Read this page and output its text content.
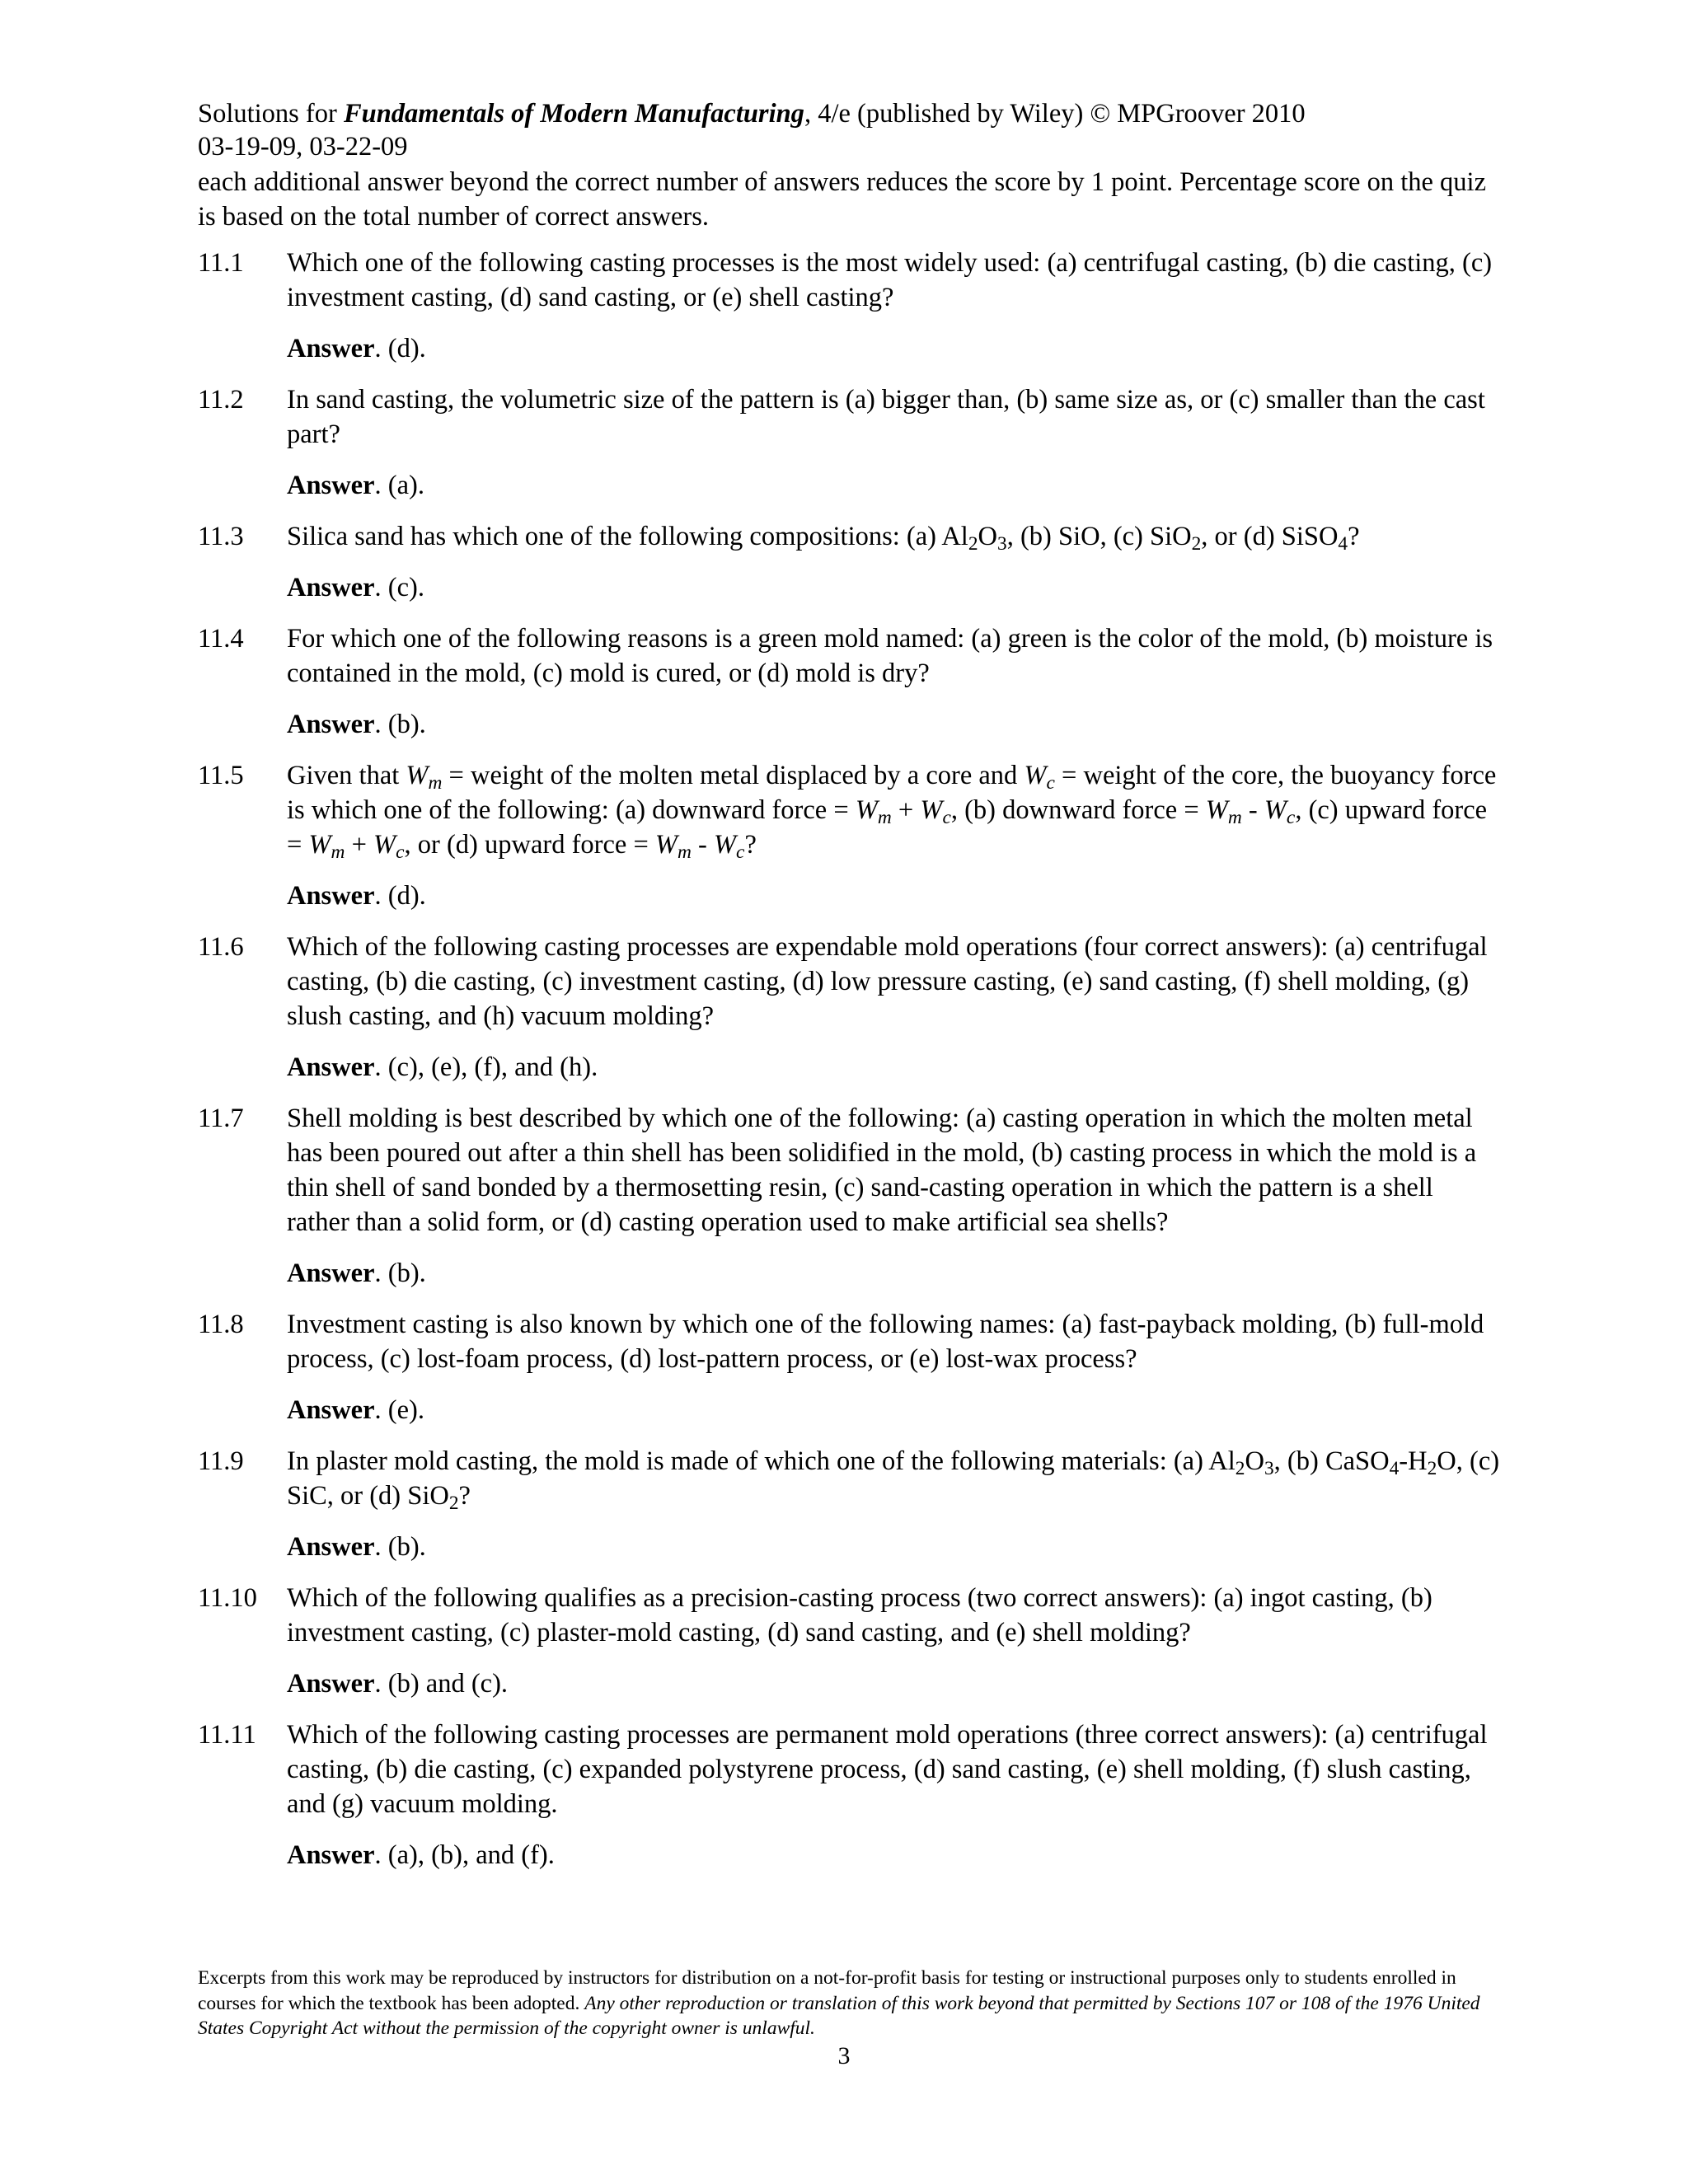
Solutions for Fundamentals of Modern Manufacturing, 4/e (published by Wiley) © MPGroover 2010
03-19-09, 03-22-09
each additional answer beyond the correct number of answers reduces the score by 1 point. Percentage score on the quiz is based on the total number of correct answers.
11.1	Which one of the following casting processes is the most widely used: (a) centrifugal casting, (b) die casting, (c) investment casting, (d) sand casting, or (e) shell casting?
Answer. (d).
11.2	In sand casting, the volumetric size of the pattern is (a) bigger than, (b) same size as, or (c) smaller than the cast part?
Answer. (a).
11.3	Silica sand has which one of the following compositions: (a) $Al_2O_3$, (b) SiO, (c) SiO$_2$, or (d) SiSO$_4$?
Answer. (c).
11.4	For which one of the following reasons is a green mold named: (a) green is the color of the mold, (b) moisture is contained in the mold, (c) mold is cured, or (d) mold is dry?
Answer. (b).
11.5	Given that $W_m$ = weight of the molten metal displaced by a core and $W_c$ = weight of the core, the buoyancy force is which one of the following: (a) downward force = $W_m + W_c$, (b) downward force = $W_m - W_c$, (c) upward force = $W_m + W_c$, or (d) upward force = $W_m - W_c$?
Answer. (d).
11.6	Which of the following casting processes are expendable mold operations (four correct answers): (a) centrifugal casting, (b) die casting, (c) investment casting, (d) low pressure casting, (e) sand casting, (f) shell molding, (g) slush casting, and (h) vacuum molding?
Answer. (c), (e), (f), and (h).
11.7	Shell molding is best described by which one of the following: (a) casting operation in which the molten metal has been poured out after a thin shell has been solidified in the mold, (b) casting process in which the mold is a thin shell of sand bonded by a thermosetting resin, (c) sand-casting operation in which the pattern is a shell rather than a solid form, or (d) casting operation used to make artificial sea shells?
Answer. (b).
11.8	Investment casting is also known by which one of the following names: (a) fast-payback molding, (b) full-mold process, (c) lost-foam process, (d) lost-pattern process, or (e) lost-wax process?
Answer. (e).
11.9	In plaster mold casting, the mold is made of which one of the following materials: (a) $Al_2O_3$, (b) $CaSO_4-H_2O$, (c) SiC, or (d) SiO$_2$?
Answer. (b).
11.10	Which of the following qualifies as a precision-casting process (two correct answers): (a) ingot casting, (b) investment casting, (c) plaster-mold casting, (d) sand casting, and (e) shell molding?
Answer. (b) and (c).
11.11	Which of the following casting processes are permanent mold operations (three correct answers): (a) centrifugal casting, (b) die casting, (c) expanded polystyrene process, (d) sand casting, (e) shell molding, (f) slush casting, and (g) vacuum molding.
Answer. (a), (b), and (f).
Excerpts from this work may be reproduced by instructors for distribution on a not-for-profit basis for testing or instructional purposes only to students enrolled in courses for which the textbook has been adopted. Any other reproduction or translation of this work beyond that permitted by Sections 107 or 108 of the 1976 United States Copyright Act without the permission of the copyright owner is unlawful.
3
